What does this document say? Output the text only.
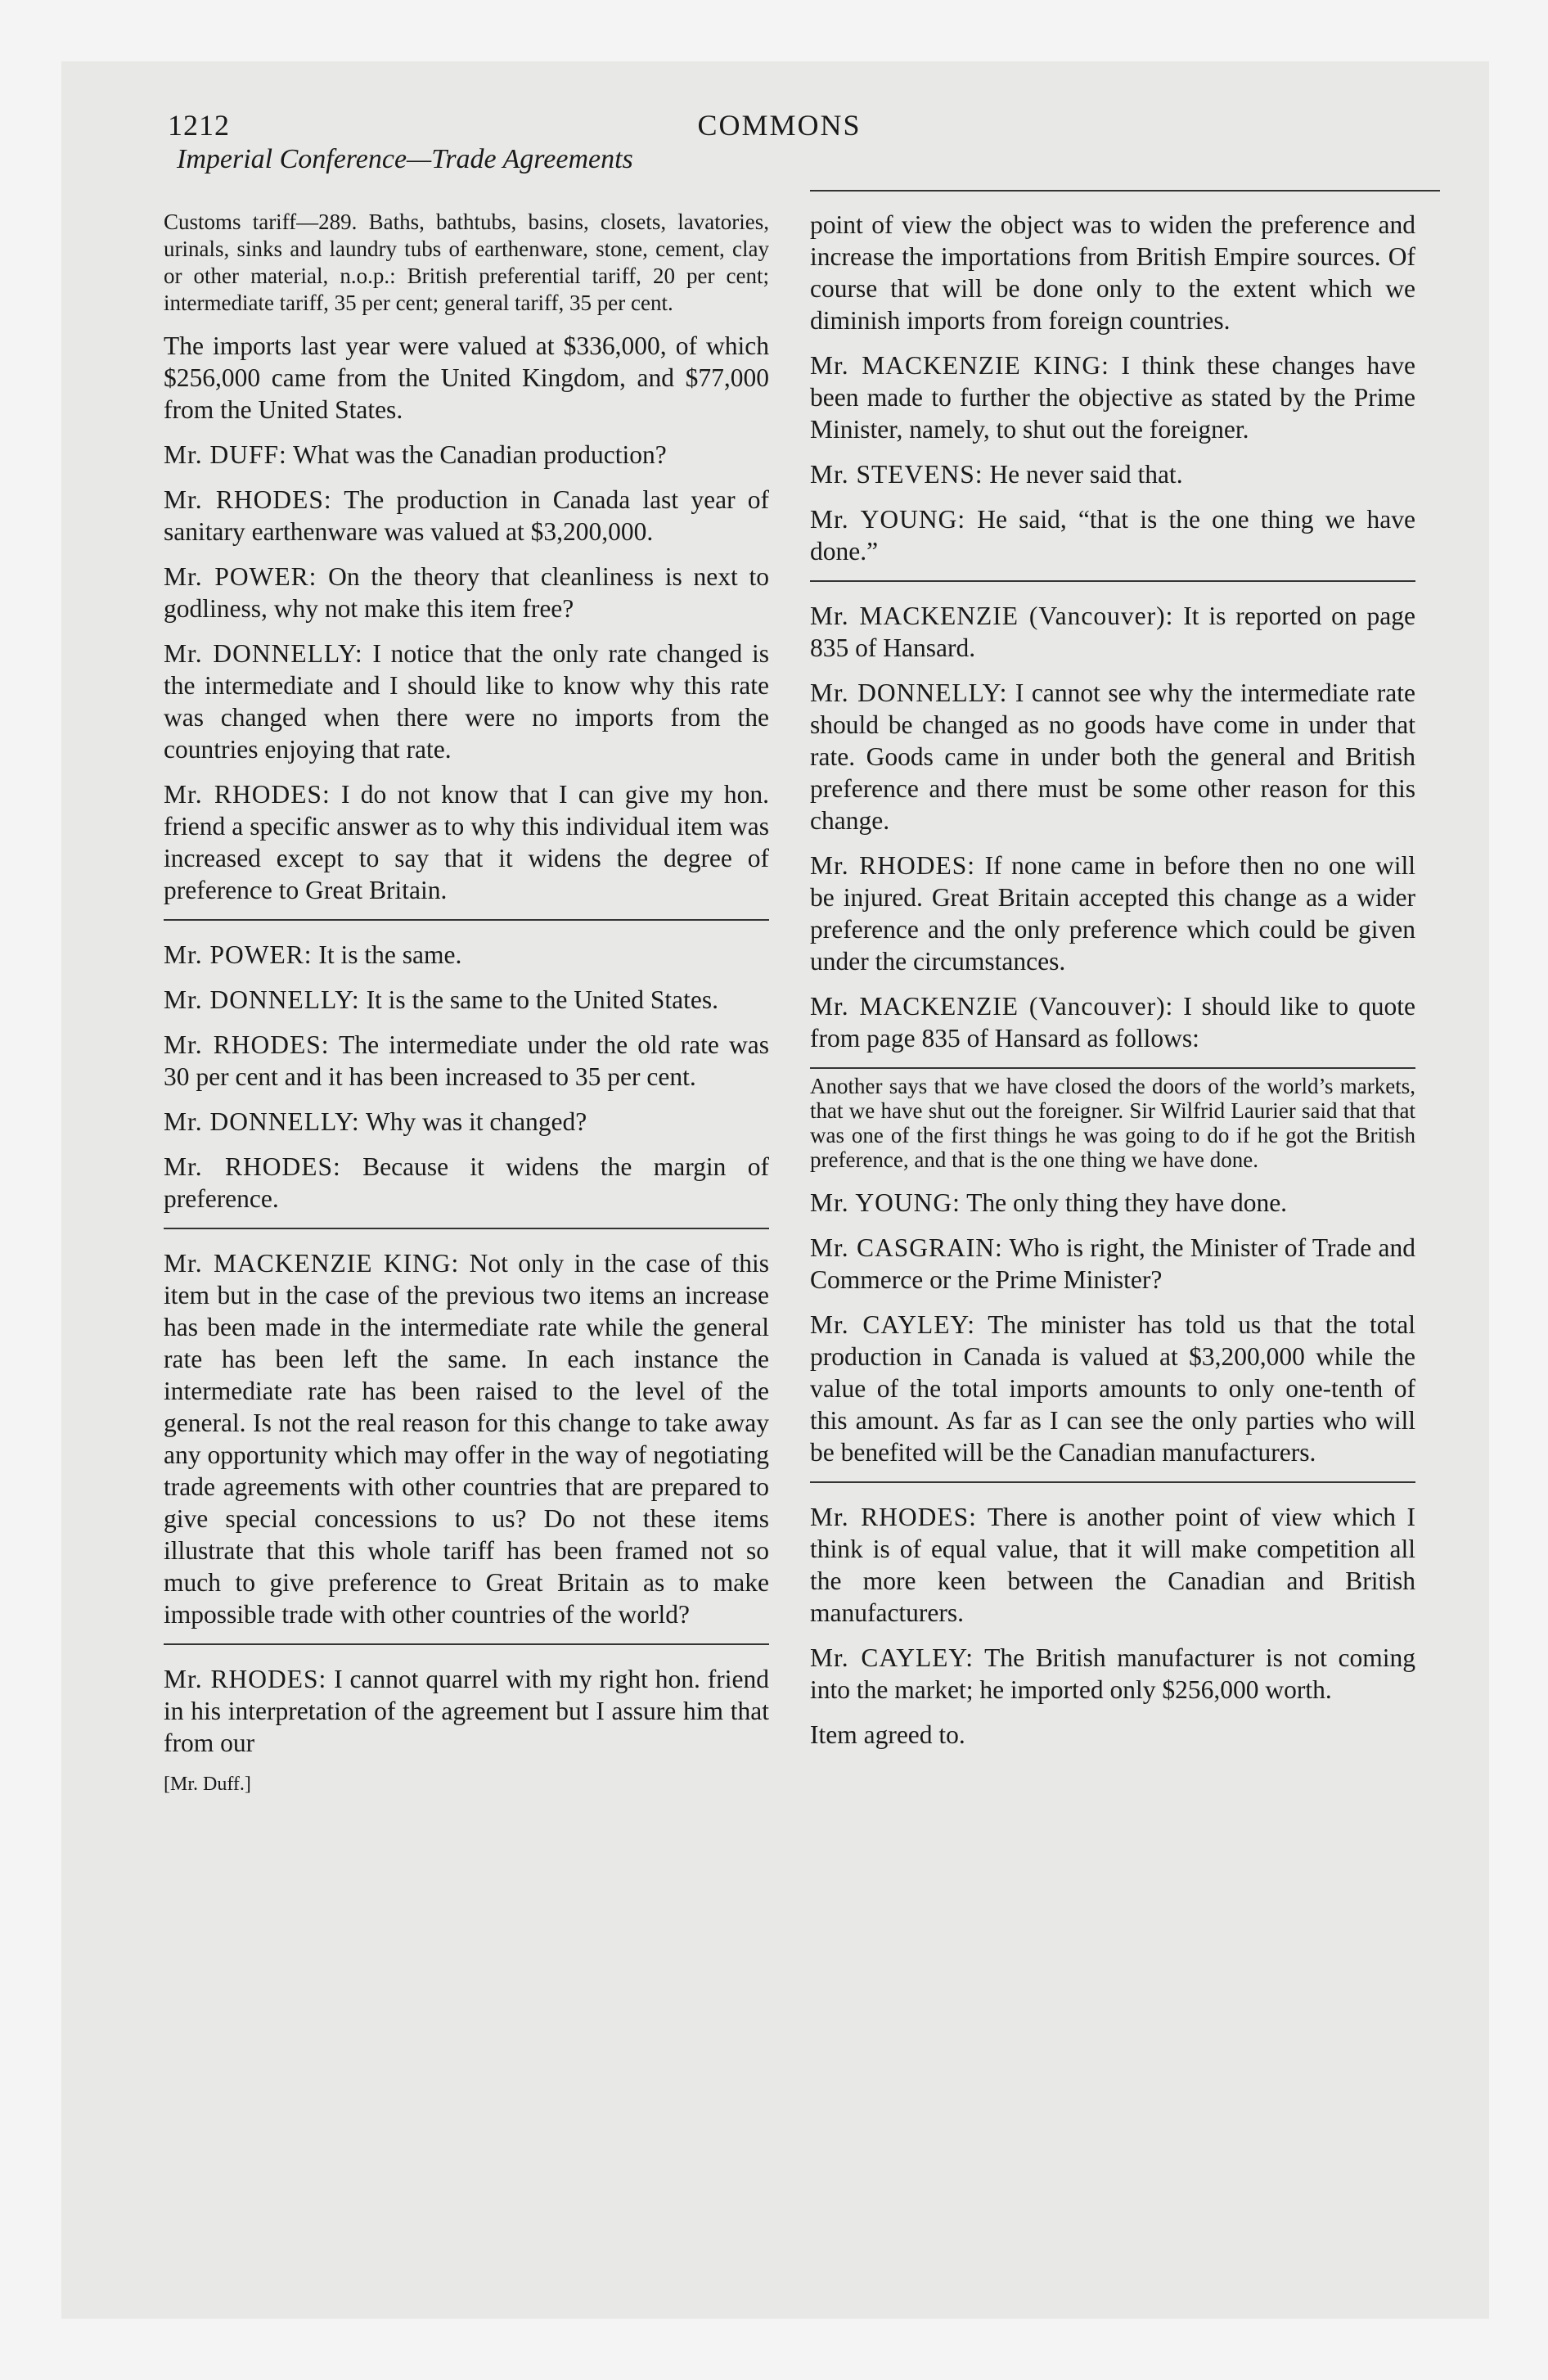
1212	COMMONS
Imperial Conference—Trade Agreements

Customs tariff—289. Baths, bathtubs, basins, closets, lavatories, urinals, sinks and laundry tubs of earthenware, stone, cement, clay or other material, n.o.p.: British preferential tariff, 20 per cent; intermediate tariff, 35 per cent; general tariff, 35 per cent.

The imports last year were valued at $336,000, of which $256,000 came from the United Kingdom, and $77,000 from the United States.

Mr. DUFF: What was the Canadian production?

Mr. RHODES: The production in Canada last year of sanitary earthenware was valued at $3,200,000.

Mr. POWER: On the theory that cleanliness is next to godliness, why not make this item free?

Mr. DONNELLY: I notice that the only rate changed is the intermediate and I should like to know why this rate was changed when there were no imports from the countries enjoying that rate.

Mr. RHODES: I do not know that I can give my hon. friend a specific answer as to why this individual item was increased except to say that it widens the degree of preference to Great Britain.

Mr. POWER: It is the same.

Mr. DONNELLY: It is the same to the United States.

Mr. RHODES: The intermediate under the old rate was 30 per cent and it has been increased to 35 per cent.

Mr. DONNELLY: Why was it changed?

Mr. RHODES: Because it widens the margin of preference.

Mr. MACKENZIE KING: Not only in the case of this item but in the case of the previous two items an increase has been made in the intermediate rate while the general rate has been left the same. In each instance the intermediate rate has been raised to the level of the general. Is not the real reason for this change to take away any opportunity which may offer in the way of negotiating trade agreements with other countries that are prepared to give special concessions to us? Do not these items illustrate that this whole tariff has been framed not so much to give preference to Great Britain as to make impossible trade with other countries of the world?

Mr. RHODES: I cannot quarrel with my right hon. friend in his interpretation of the agreement but I assure him that from our

[Mr. Duff.]

point of view the object was to widen the preference and increase the importations from British Empire sources. Of course that will be done only to the extent which we diminish imports from foreign countries.

Mr. MACKENZIE KING: I think these changes have been made to further the objective as stated by the Prime Minister, namely, to shut out the foreigner.

Mr. STEVENS: He never said that.

Mr. YOUNG: He said, “that is the one thing we have done.”

Mr. MACKENZIE (Vancouver): It is reported on page 835 of Hansard.

Mr. DONNELLY: I cannot see why the intermediate rate should be changed as no goods have come in under that rate. Goods came in under both the general and British preference and there must be some other reason for this change.

Mr. RHODES: If none came in before then no one will be injured. Great Britain accepted this change as a wider preference and the only preference which could be given under the circumstances.

Mr. MACKENZIE (Vancouver): I should like to quote from page 835 of Hansard as follows:

Another says that we have closed the doors of the world’s markets, that we have shut out the foreigner. Sir Wilfrid Laurier said that that was one of the first things he was going to do if he got the British preference, and that is the one thing we have done.

Mr. YOUNG: The only thing they have done.

Mr. CASGRAIN: Who is right, the Minister of Trade and Commerce or the Prime Minister?

Mr. CAYLEY: The minister has told us that the total production in Canada is valued at $3,200,000 while the value of the total imports amounts to only one-tenth of this amount. As far as I can see the only parties who will be benefited will be the Canadian manufacturers.

Mr. RHODES: There is another point of view which I think is of equal value, that it will make competition all the more keen between the Canadian and British manufacturers.

Mr. CAYLEY: The British manufacturer is not coming into the market; he imported only $256,000 worth.

Item agreed to.
